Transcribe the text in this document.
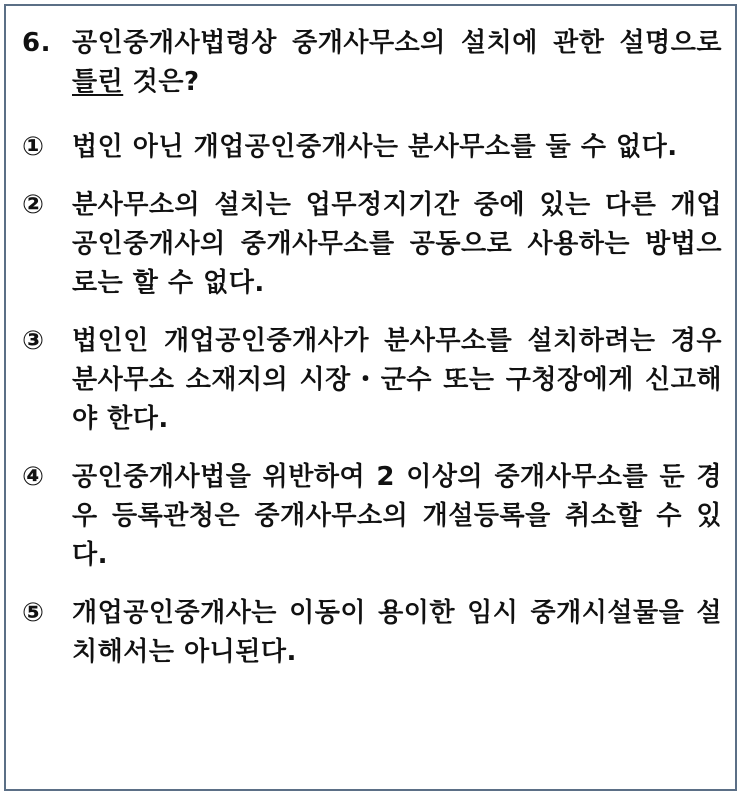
6. 공인중개사법령상 중개사무소의 설치에 관한 설명으로 틀린 것은?
①	법인 아닌 개업공인중개사는 분사무소를 둘 수 없다.
②	분사무소의 설치는 업무정지기간 중에 있는 다른 개업 공인중개사의 중개사무소를 공동으로 사용하는 방법으로는 할 수 없다.
③	법인인 개업공인중개사가 분사무소를 설치하려는 경우 분사무소 소재지의 시장・군수 또는 구청장에게 신고해야 한다.
④	공인중개사법을 위반하여 2 이상의 중개사무소를 둔 경우 등록관청은 중개사무소의 개설등록을 취소할 수 있다.
⑤	개업공인중개사는 이동이 용이한 임시 중개시설물을 설치해서는 아니된다.
